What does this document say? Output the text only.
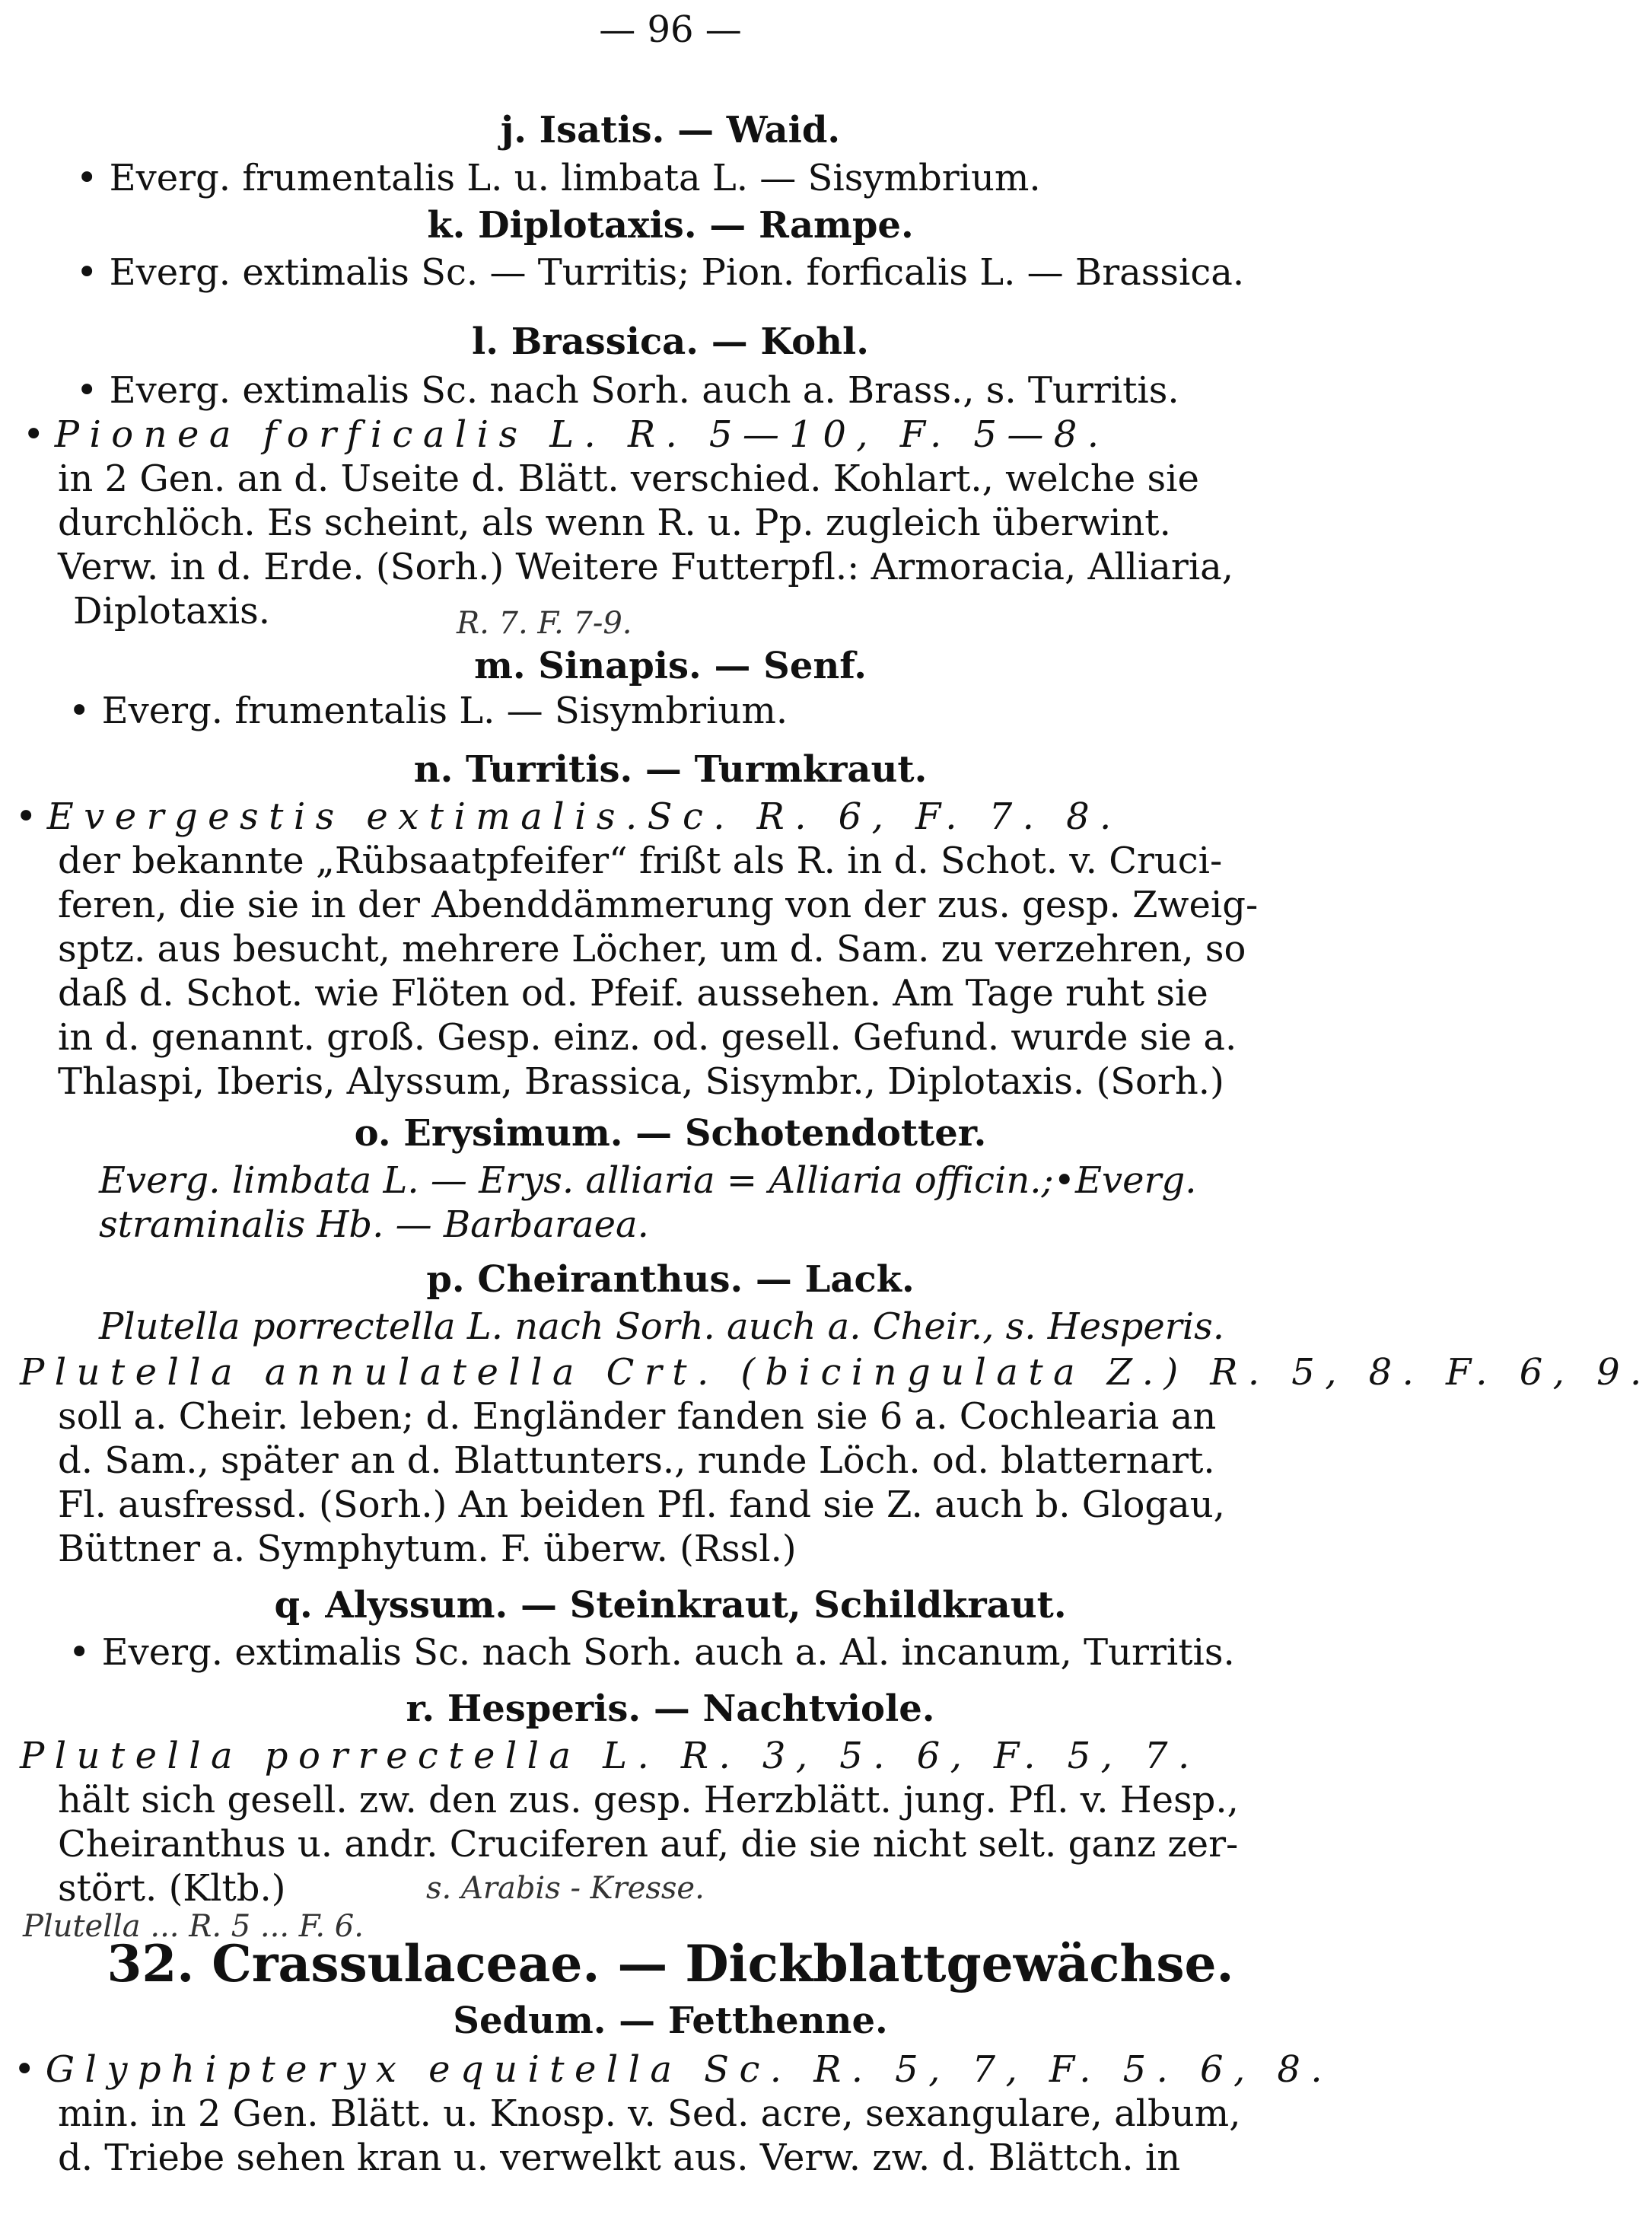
— 96 —
j. Isatis. — Waid.
• Everg. frumentalis L. u. limbata L. — Sisymbrium.
k. Diplotaxis. — Rampe.
• Everg. extimalis Sc. — Turritis; Pion. forficalis L. — Brassica.
l. Brassica. — Kohl.
• Everg. extimalis Sc. nach Sorh. auch a. Brass., s. Turritis.
•Pionea forficalis L. R. 5—10, F. 5—8.
in 2 Gen. an d. Useite d. Blätt. verschied. Kohlart., welche sie
durchlöch. Es scheint, als wenn R. u. Pp. zugleich überwint.
Verw. in d. Erde. (Sorh.) Weitere Futterpfl.: Armoracia, Alliaria,
Diplotaxis.
m. Sinapis. — Senf.
R. 7. F. 7-9.
• Everg. frumentalis L. — Sisymbrium.
n. Turritis. — Turmkraut.
•Evergestis extimalis.Sc. R. 6, F. 7. 8.
der bekannte „Rübsaatpfeifer“ frißt als R. in d. Schot. v. Cruci-
feren, die sie in der Abenddämmerung von der zus. gesp. Zweig-
sptz. aus besucht, mehrere Löcher, um d. Sam. zu verzehren, so
daß d. Schot. wie Flöten od. Pfeif. aussehen. Am Tage ruht sie
in d. genannt. groß. Gesp. einz. od. gesell. Gefund. wurde sie a.
Thlaspi, Iberis, Alyssum, Brassica, Sisymbr., Diplotaxis. (Sorh.)
o. Erysimum. — Schotendotter.
Everg. limbata L. — Erys. alliaria = Alliaria officin.;•Everg.
straminalis Hb. — Barbaraea.
p. Cheiranthus. — Lack.
Plutella porrectella L. nach Sorh. auch a. Cheir., s. Hesperis.
Plutella annulatella Crt. (bicingulata Z.) R. 5, 8. F. 6, 9.
soll a. Cheir. leben; d. Engländer fanden sie 6 a. Cochlearia an
d. Sam., später an d. Blattunters., runde Löch. od. blatternart.
Fl. ausfressd. (Sorh.) An beiden Pfl. fand sie Z. auch b. Glogau,
Büttner a. Symphytum. F. überw. (Rssl.)
q. Alyssum. — Steinkraut, Schildkraut.
• Everg. extimalis Sc. nach Sorh. auch a. Al. incanum, Turritis.
r. Hesperis. — Nachtviole.
Plutella porrectella L. R. 3, 5. 6, F. 5, 7.
hält sich gesell. zw. den zus. gesp. Herzblätt. jung. Pfl. v. Hesp.,
Cheiranthus u. andr. Cruciferen auf, die sie nicht selt. ganz zer-
stört. (Kltb.)	s. Arabis - Kresse.
Plutella ... R. 5 ... F. 6.
32. Crassulaceae. — Dickblattgewächse.
Sedum. — Fetthenne.
•Glyphipteryx equitella Sc. R. 5, 7, F. 5. 6, 8.
min. in 2 Gen. Blätt. u. Knosp. v. Sed. acre, sexangulare, album,
d. Triebe sehen kran u. verwelkt aus. Verw. zw. d. Blättch. in
